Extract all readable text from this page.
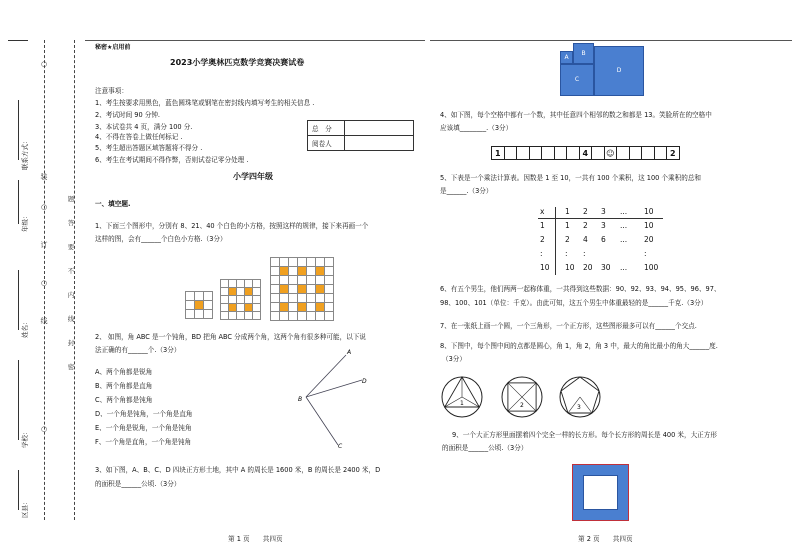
联系方式：
年级：
姓名：
学校：
区县：
○
装
○
订
○
线
○
题
答
要
不
内
线
封
密
秘密★启用前
2023小学奥林匹克数学竞赛决赛试卷
注意事项：
1、考生按要求用黑色，蓝色圆珠笔或钢笔在密封线内填写考生的相关信息 .
2、考试时间 90 分钟.
3、本试卷共 4 页，满分 100 分.
4、不得在答卷上做任何标记 .
5、考生超出答题区域答题将不得分 .
6、考生在考试期间不得作弊，否则试卷记零分处理 .
总　分	
阅卷人	
小学四年级
一、填空题.
1、下面三个图形中，分别有 8、21、40 个白色的小方格，按照这样的规律，接下来再画一个
这样的图，会有______个白色小方格.（3分）
2、 如图，角 ABC 是一个钝角，BD 把角 ABC 分成两个角，这两个角有很多种可能，以下说
法正确的有______个.（3分）
A、两个角都是锐角
B、两个角都是直角
C、两个角都是钝角
D、一个角是钝角，一个角是直角
E、一个角是锐角，一个角是钝角
F、一个角是直角，一个角是钝角
A
D
B
C
3、如下图，A、B、C、D 四块正方形土地，其中 A 的周长是 1600 米，B 的周长是 2400 米，D
的面积是______公顷.（3分）
第 1 页　　共四页
A
B
C
D
4、如下图，每个空格中都有一个数，其中任意四个相邻的数之和都是 13。笑脸所在的空格中
应该填________.（3分）
1	4	☺	2
5、下表是一个乘法计算表。因数是 1 至 10，一共有 100 个乘积，这 100 个乘积的总和
是______.（3分）
x	1 2 3 ... 10
1	1 2 3 ... 10
2	2 4 6 ... 20
:	: :	:
10 10 20 30 ... 100
6、有五个男生，他们两两一起称体重，一共得到这些数据：90、92、93、94、95、96、97、
98、100、101（单位：千克）。由此可知，这五个男生中体重最轻的是______千克.（3分）
7、在一张纸上画一个圆，一个三角形，一个正方形，这些图形最多可以有______个交点.
8、下图中，每个图中间的点都是圆心，角 1，角 2，角 3 中，最大的角比最小的角大______度.
（3分）
1	2	3
9、一个大正方形里面摆着四个完全一样的长方形。每个长方形的周长是 400 米，大正方形
的面积是______公顷.（3分）
第 2 页　　共四页
